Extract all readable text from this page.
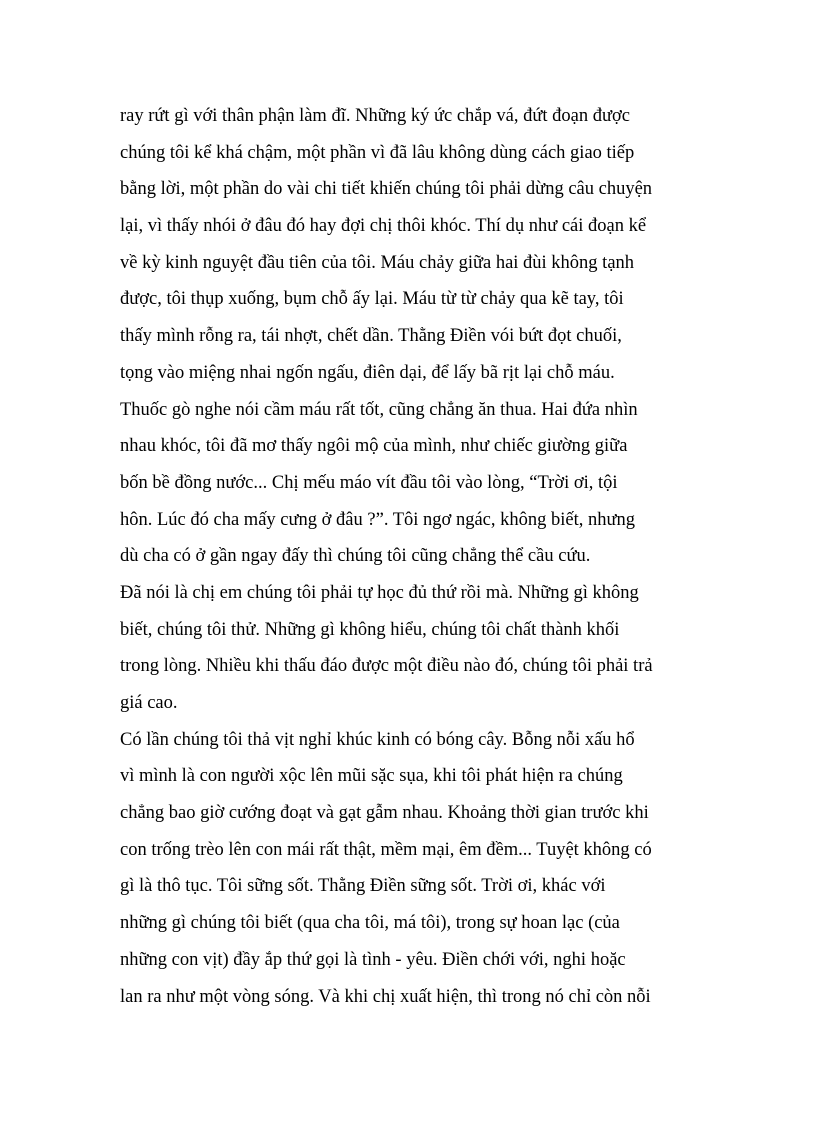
ray rứt gì với thân phận làm đĩ. Những ký ức chắp vá, đứt đoạn được
chúng tôi kể khá chậm, một phần vì đã lâu không dùng cách giao tiếp
bằng lời, một phần do vài chi tiết khiến chúng tôi phải dừng câu chuyện
lại, vì thấy nhói ở đâu đó hay đợi chị thôi khóc. Thí dụ như cái đoạn kể
về kỳ kinh nguyệt đầu tiên của tôi. Máu chảy giữa hai đùi không tạnh
được, tôi thụp xuống, bụm chỗ ấy lại. Máu từ từ chảy qua kẽ tay, tôi
thấy mình rỗng ra, tái nhợt, chết dần. Thằng Điền vói bứt đọt chuối,
tọng vào miệng nhai ngốn ngấu, điên dại, để lấy bã rịt lại chỗ máu.
Thuốc gò nghe nói cầm máu rất tốt, cũng chẳng ăn thua. Hai đứa nhìn
nhau khóc, tôi đã mơ thấy ngôi mộ của mình, như chiếc giường giữa
bốn bề đồng nước... Chị mếu máo vít đầu tôi vào lòng, “Trời ơi, tội
hôn. Lúc đó cha mấy cưng ở đâu ?”. Tôi ngơ ngác, không biết, nhưng
dù cha có ở gần ngay đấy thì chúng tôi cũng chẳng thể cầu cứu.
Đã nói là chị em chúng tôi phải tự học đủ thứ rồi mà. Những gì không
biết, chúng tôi thử. Những gì không hiểu, chúng tôi chất thành khối
trong lòng. Nhiều khi thấu đáo được một điều nào đó, chúng tôi phải trả
giá cao.
Có lần chúng tôi thả vịt nghỉ khúc kinh có bóng cây. Bỗng nỗi xấu hổ
vì mình là con người xộc lên mũi sặc sụa, khi tôi phát hiện ra chúng
chẳng bao giờ cướng đoạt và gạt gẫm nhau. Khoảng thời gian trước khi
con trống trèo lên con mái rất thật, mềm mại, êm đềm... Tuyệt không có
gì là thô tục. Tôi sững sốt. Thằng Điền sững sốt. Trời ơi, khác với
những gì chúng tôi biết (qua cha tôi, má tôi), trong sự hoan lạc (của
những con vịt) đầy ắp thứ gọi là tình - yêu. Điền chới với, nghi hoặc
lan ra như một vòng sóng. Và khi chị xuất hiện, thì trong nó chỉ còn nỗi
